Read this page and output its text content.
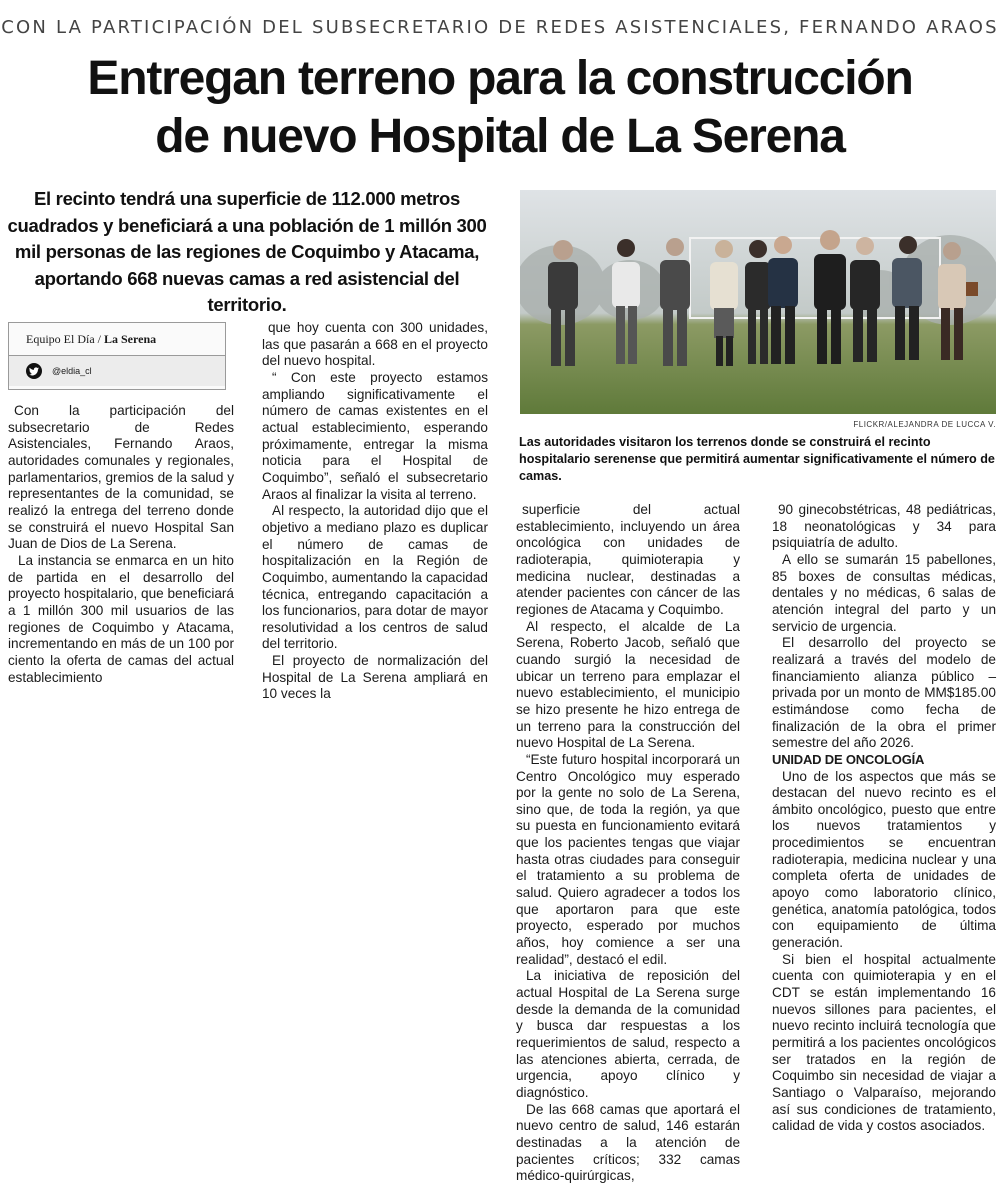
CON LA PARTICIPACIÓN DEL SUBSECRETARIO DE REDES ASISTENCIALES, FERNANDO ARAOS
Entregan terreno para la construcción
de nuevo Hospital de La Serena
El recinto tendrá una superficie de 112.000 metros cuadrados y beneficiará a una población de 1 millón 300 mil personas de las regiones de Coquimbo y Atacama, aportando 668 nuevas camas a red asistencial del territorio.
FLICKR/ALEJANDRA DE LUCCA V.
Las autoridades visitaron los terrenos donde se construirá el recinto hospitalario serenense que permitirá aumentar significativamente el número de camas.
Equipo El Día / La Serena
@eldia_cl

Con la participación del subsecretario de Redes Asistenciales, Fernando Araos, autoridades comunales y regionales, parlamentarios, gremios de la salud y representantes de la comunidad, se realizó la entrega del terreno donde se construirá el nuevo Hospital San Juan de Dios de La Serena.

La instancia se enmarca en un hito de partida en el desarrollo del proyecto hospitalario, que beneficiará a 1 millón 300 mil usuarios de las regiones de Coquimbo y Atacama, incrementando en más de un 100 por ciento la oferta de camas del actual establecimiento

que hoy cuenta con 300 unidades, las que pasarán a 668 en el proyecto del nuevo hospital.

“ Con este proyecto estamos ampliando significativamente el número de camas existentes en el actual establecimiento, esperando próximamente, entregar la misma noticia para el Hospital de Coquimbo”, señaló el subsecretario Araos al finalizar la visita al terreno.

Al respecto, la autoridad dijo que el objetivo a mediano plazo es duplicar el número de camas de hospitalización en la Región de Coquimbo, aumentando la capacidad técnica, entregando capacitación a los funcionarios, para dotar de mayor resolutividad a los centros de salud del territorio.

El proyecto de normalización del Hospital de La Serena ampliará en 10 veces la

superficie del actual establecimiento, incluyendo un área oncológica con unidades de radioterapia, quimioterapia y medicina nuclear, destinadas a atender pacientes con cáncer de las regiones de Atacama y Coquimbo.

Al respecto, el alcalde de La Serena, Roberto Jacob, señaló que cuando surgió la necesidad de ubicar un terreno para emplazar el nuevo establecimiento, el municipio se hizo presente he hizo entrega de un terreno para la construcción del nuevo Hospital de La Serena.

“Este futuro hospital incorporará un Centro Oncológico muy esperado por la gente no solo de La Serena, sino que, de toda la región, ya que su puesta en funcionamiento evitará que los pacientes tengas que viajar hasta otras ciudades para conseguir el tratamiento a su problema de salud. Quiero agradecer a todos los que aportaron para que este proyecto, esperado por muchos años, hoy comience a ser una realidad”, destacó el edil.

La iniciativa de reposición del actual Hospital de La Serena surge desde la demanda de la comunidad y busca dar respuestas a los requerimientos de salud, respecto a las atenciones abierta, cerrada, de urgencia, apoyo clínico y diagnóstico.

De las 668 camas que aportará el nuevo centro de salud, 146 estarán destinadas a la atención de pacientes críticos; 332 camas médico-quirúrgicas,

90 ginecobstétricas, 48 pediátricas, 18 neonatológicas y 34 para psiquiatría de adulto.

A ello se sumarán 15 pabellones, 85 boxes de consultas médicas, dentales y no médicas, 6 salas de atención integral del parto y un servicio de urgencia.

El desarrollo del proyecto se realizará a través del modelo de financiamiento alianza público – privada por un monto de MM$185.00 estimándose como fecha de finalización de la obra el primer semestre del año 2026.

UNIDAD DE ONCOLOGÍA

Uno de los aspectos que más se destacan del nuevo recinto es el ámbito oncológico, puesto que entre los nuevos tratamientos y procedimientos se encuentran radioterapia, medicina nuclear y una completa oferta de unidades de apoyo como laboratorio clínico, genética, anatomía patológica, todos con equipamiento de última generación.

Si bien el hospital actualmente cuenta con quimioterapia y en el CDT se están implementando 16 nuevos sillones para pacientes, el nuevo recinto incluirá tecnología que permitirá a los pacientes oncológicos ser tratados en la región de Coquimbo sin necesidad de viajar a Santiago o Valparaíso, mejorando así sus condiciones de tratamiento, calidad de vida y costos asociados.
